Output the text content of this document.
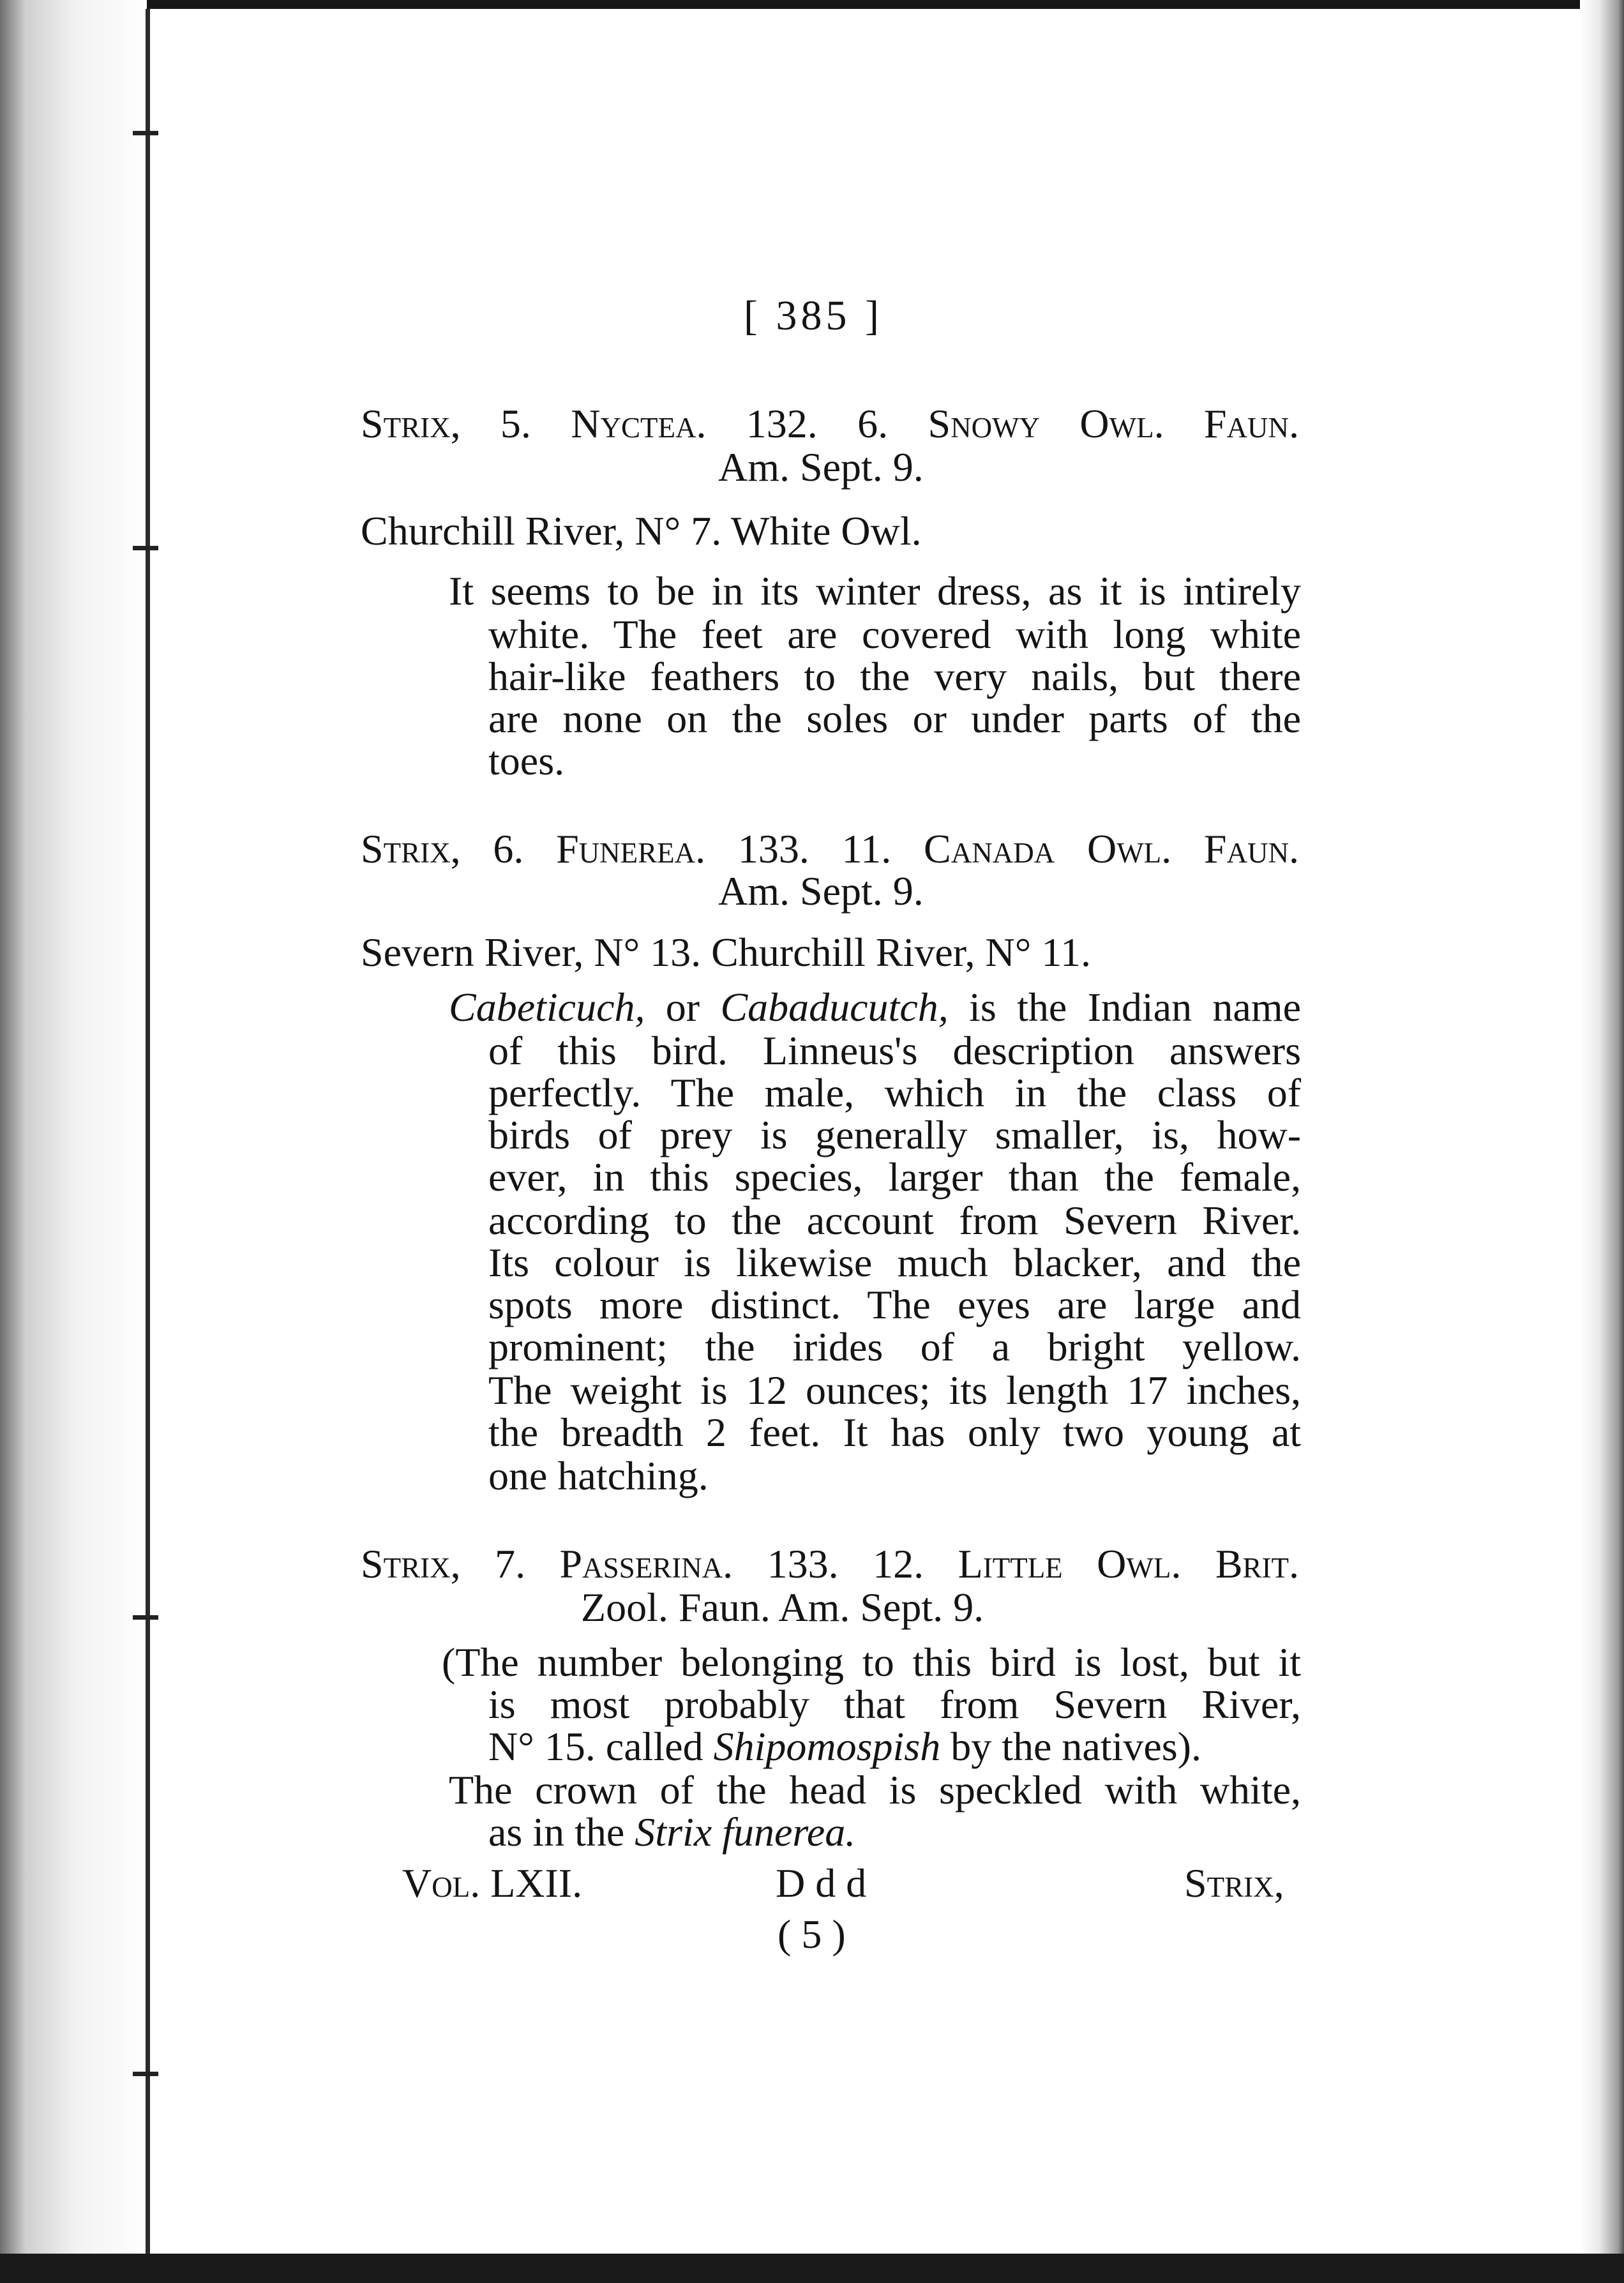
[ 385 ]
Strix, 5. Nyctea. 132. 6. Snowy Owl. Faun.
Am. Sept. 9.
Churchill River, N° 7. White Owl.
It seems to be in its winter dress, as it is intirely
white. The feet are covered with long white
hair-like feathers to the very nails, but there
are none on the soles or under parts of the
toes.
Strix, 6. Funerea. 133. 11. Canada Owl. Faun.
Am. Sept. 9.
Severn River, N° 13. Churchill River, N° 11.
Cabeticuch, or Cabaducutch, is the Indian name
of this bird. Linneus's description answers
perfectly. The male, which in the class of
birds of prey is generally smaller, is, how-
ever, in this species, larger than the female,
according to the account from Severn River.
Its colour is likewise much blacker, and the
spots more distinct. The eyes are large and
prominent; the irides of a bright yellow.
The weight is 12 ounces; its length 17 inches,
the breadth 2 feet. It has only two young at
one hatching.
Strix, 7. Passerina. 133. 12. Little Owl. Brit.
Zool. Faun. Am. Sept. 9.
(The number belonging to this bird is lost, but it
is most probably that from Severn River,
N° 15. called Shipomospish by the natives).
The crown of the head is speckled with white,
as in the Strix funerea.
Vol. LXII.	D d d	Strix,
( 5 )
